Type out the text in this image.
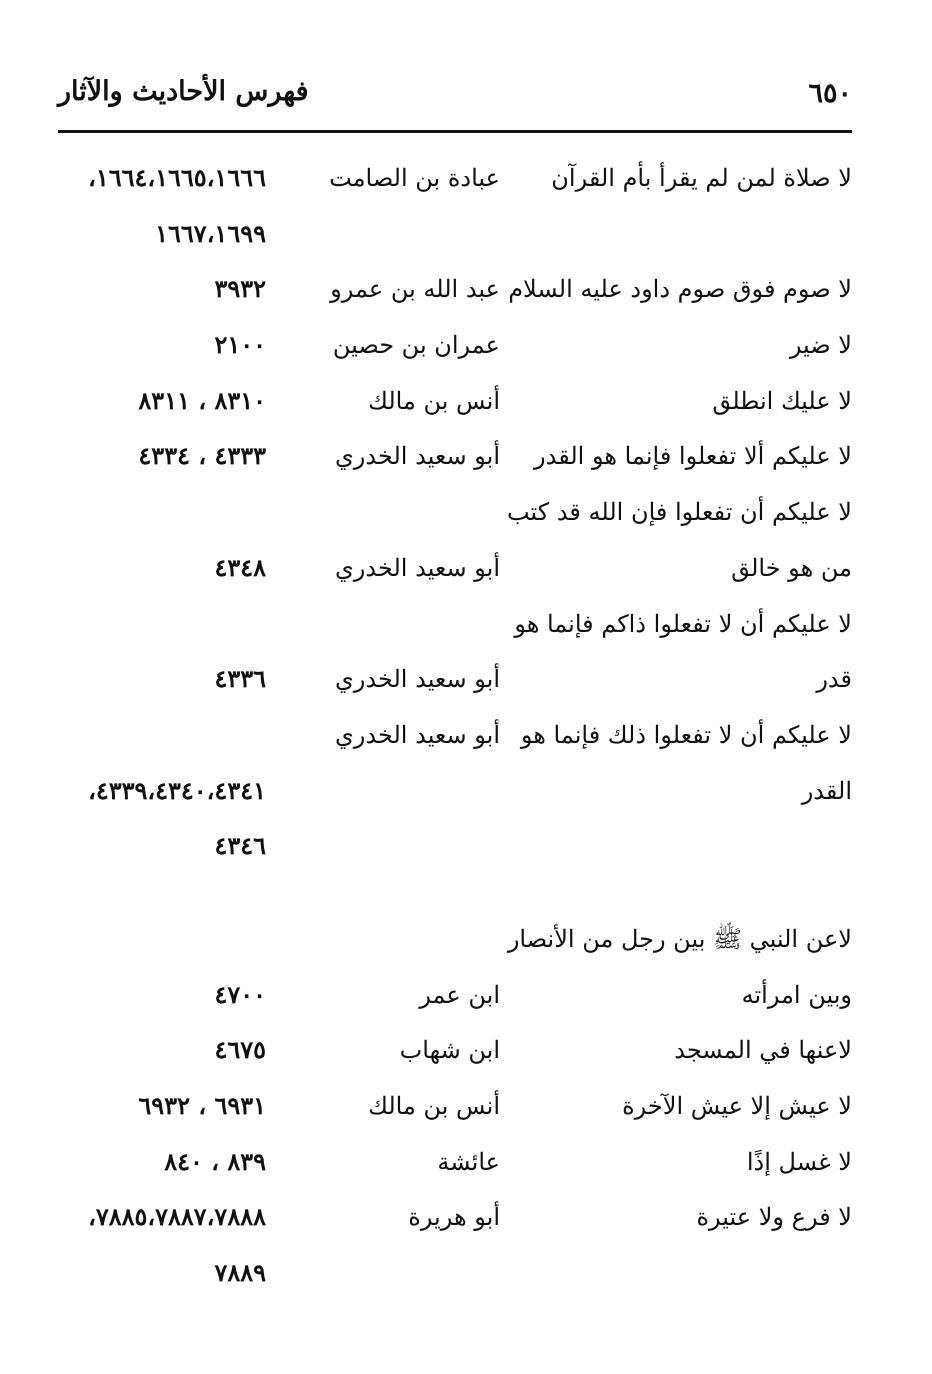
٦٥٠
فهرس الأحاديث والآثار
لا صلاة لمن لم يقرأ بأم القرآن
عبادة بن الصامت
١٦٦٤،١٦٦٥،١٦٦٦،
١٦٦٧،١٦٩٩
لا صوم فوق صوم داود عليه السلام
عبد الله بن عمرو
٣٩٣٢
لا ضير
عمران بن حصين
٢١٠٠
لا عليك انطلق
أنس بن مالك
٨٣١٠ ، ٨٣١١
لا عليكم ألا تفعلوا فإنما هو القدر
أبو سعيد الخدري
٤٣٣٣ ، ٤٣٣٤
لا عليكم أن تفعلوا فإن الله قد كتب
من هو خالق
أبو سعيد الخدري
٤٣٤٨
لا عليكم أن لا تفعلوا ذاكم فإنما هو
قدر
أبو سعيد الخدري
٤٣٣٦
لا عليكم أن لا تفعلوا ذلك فإنما هو
أبو سعيد الخدري
القدر
٤٣٣٩،٤٣٤٠،٤٣٤١،
٤٣٤٦
لاعن النبي ﷺ بين رجل من الأنصار
وبين امرأته
ابن عمر
٤٧٠٠
لاعنها في المسجد
ابن شهاب
٤٦٧٥
لا عيش إلا عيش الآخرة
أنس بن مالك
٦٩٣١ ، ٦٩٣٢
لا غسل إذًا
عائشة
٨٣٩ ، ٨٤٠
لا فرع ولا عتيرة
أبو هريرة
٧٨٨٥،٧٨٨٧،٧٨٨٨،
٧٨٨٩
